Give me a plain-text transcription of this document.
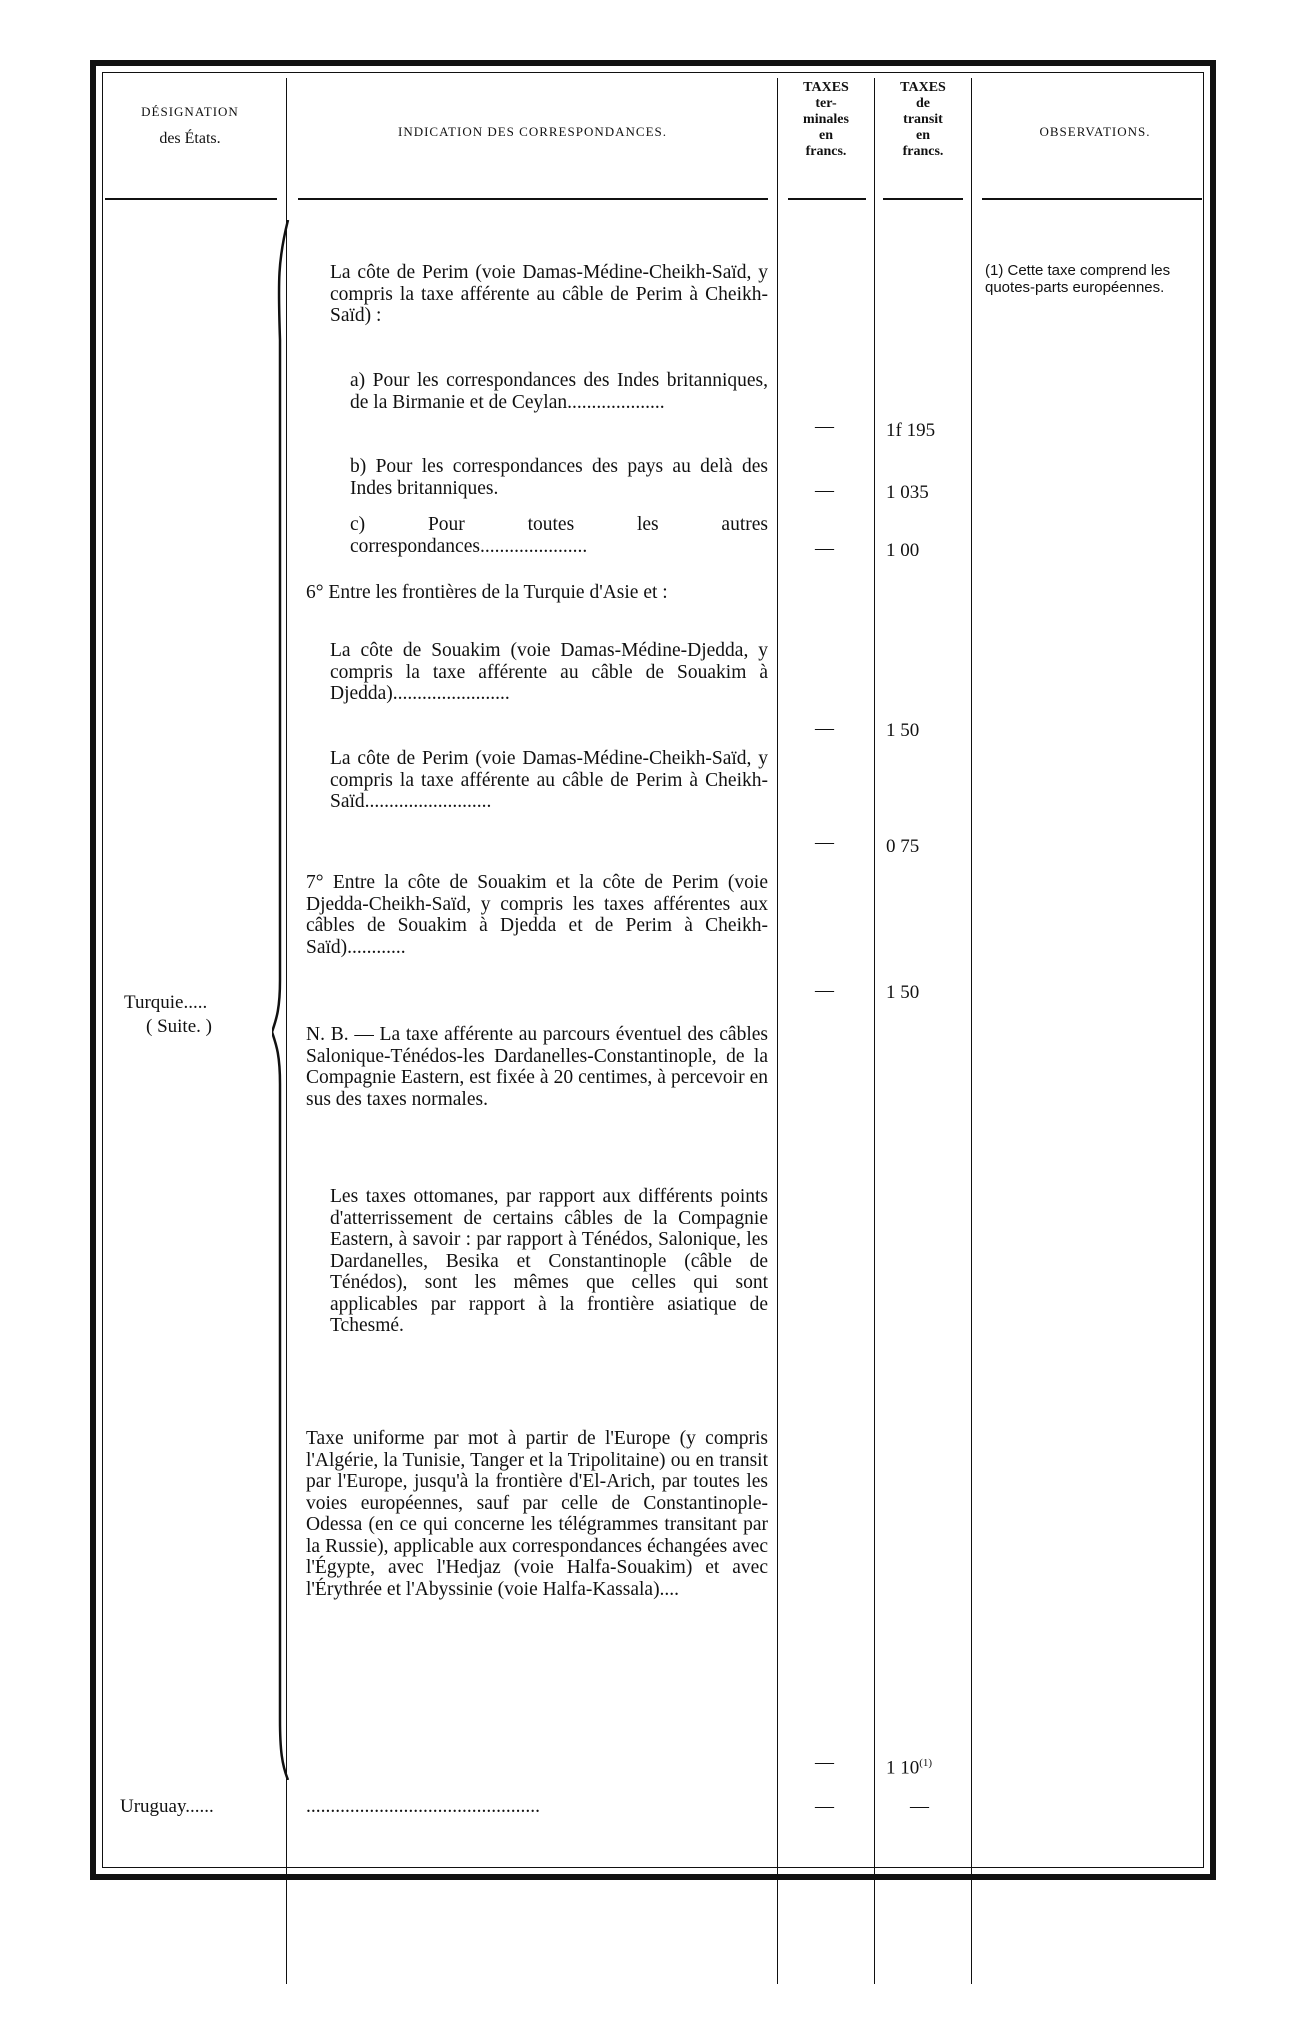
DÉSIGNATION
des États.	INDICATION DES CORRESPONDANCES.
TAXES
ter-
minales
en
francs.
TAXES
de
transit
en
francs.
OBSERVATIONS.
Turquie.....
( Suite. )
Uruguay......
La côte de Perim (voie Damas-Médine-Cheikh-Saïd, y compris la taxe afférente au câble de Perim à Cheikh-Saïd) :
a) Pour les correspondances des Indes britanniques, de la Birmanie et de Ceylan....................
b) Pour les correspondances des pays au delà des Indes britanniques.
c) Pour toutes les autres correspondances......................
6° Entre les frontières de la Turquie d'Asie et :
La côte de Souakim (voie Damas-Médine-Djedda, y compris la taxe afférente au câble de Souakim à Djedda)........................
La côte de Perim (voie Damas-Médine-Cheikh-Saïd, y compris la taxe afférente au câble de Perim à Cheikh-Saïd..........................
7° Entre la côte de Souakim et la côte de Perim (voie Djedda-Cheikh-Saïd, y compris les taxes afférentes aux câbles de Souakim à Djedda et de Perim à Cheikh-Saïd)............
N. B. — La taxe afférente au parcours éventuel des câbles Salonique-Ténédos-les Dardanelles-Constantinople, de la Compagnie Eastern, est fixée à 20 centimes, à percevoir en sus des taxes normales.
Les taxes ottomanes, par rapport aux différents points d'atterrissement de certains câbles de la Compagnie Eastern, à savoir : par rapport à Ténédos, Salonique, les Dardanelles, Besika et Constantinople (câble de Ténédos), sont les mêmes que celles qui sont applicables par rapport à la frontière asiatique de Tchesmé.
Taxe uniforme par mot à partir de l'Europe (y compris l'Algérie, la Tunisie, Tanger et la Tripolitaine) ou en transit par l'Europe, jusqu'à la frontière d'El-Arich, par toutes les voies européennes, sauf par celle de Constantinople-Odessa (en ce qui concerne les télégrammes transitant par la Russie), applicable aux correspondances échangées avec l'Égypte, avec l'Hedjaz (voie Halfa-Souakim) et avec l'Érythrée et l'Abyssinie (voie Halfa-Kassala)....
................................................
—
—
—
—
—
—
—
—
1f 195
1 035
1 00
1 50
0 75
1 50
1 10$^{(1)}$
—
(1) Cette taxe comprend les quotes-parts européennes.
